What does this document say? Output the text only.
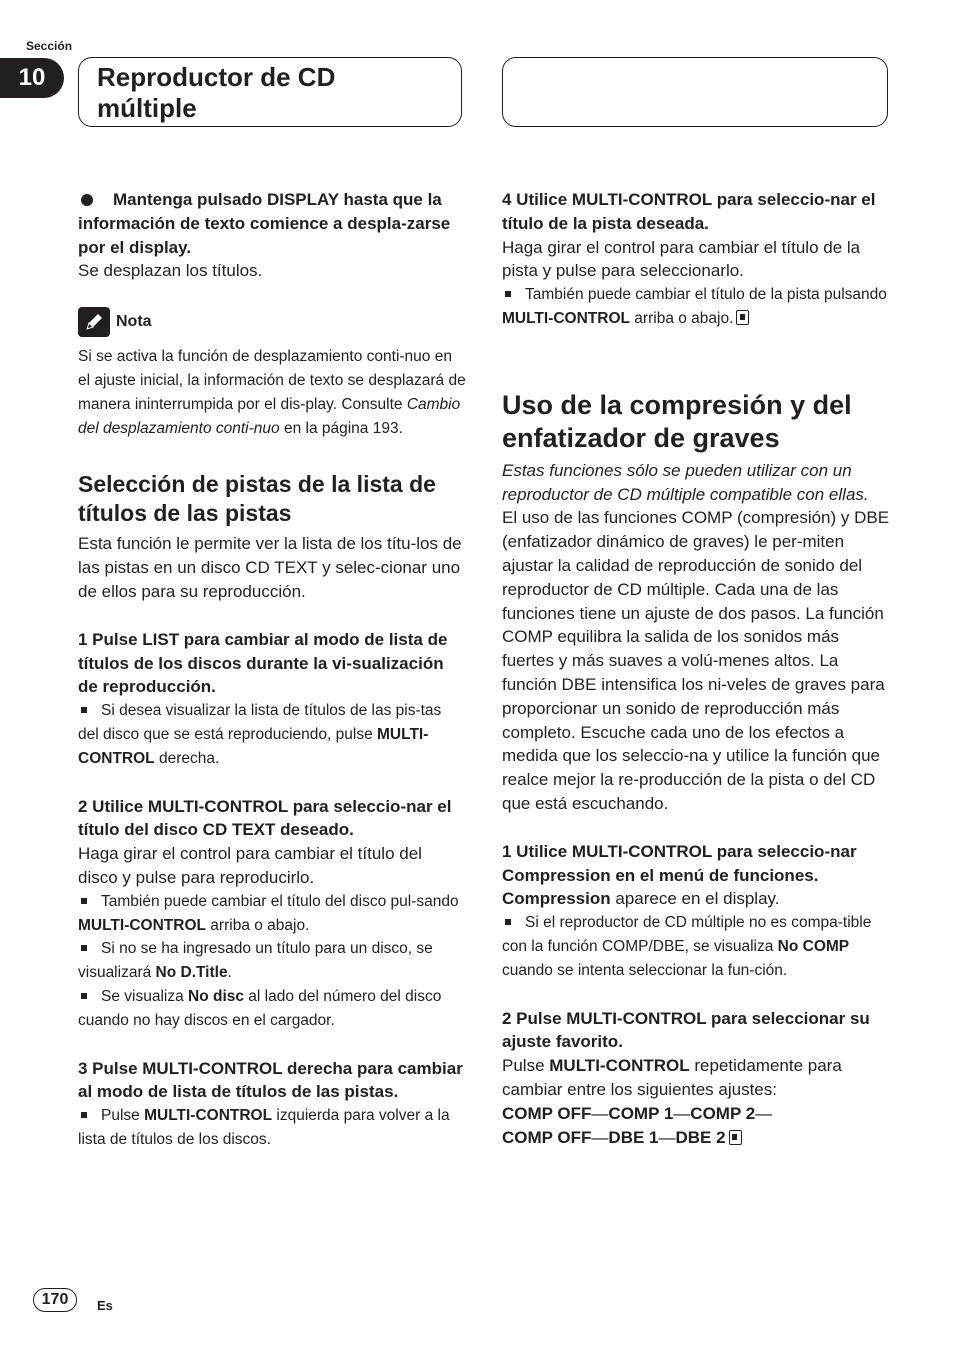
Sección
10	Reproductor de CD
múltiple

Mantenga pulsado DISPLAY hasta que la información de texto comience a despla-zarse por el display.

Se desplazan los títulos.

Nota

Si se activa la función de desplazamiento conti-nuo en el ajuste inicial, la información de texto se desplazará de manera ininterrumpida por el dis-play. Consulte Cambio del desplazamiento conti-nuo en la página 193.

Selección de pistas de la lista de títulos de las pistas

Esta función le permite ver la lista de los títu-los de las pistas en un disco CD TEXT y selec-cionar uno de ellos para su reproducción.

1 Pulse LIST para cambiar al modo de lista de títulos de los discos durante la vi-sualización de reproducción.

Si desea visualizar la lista de títulos de las pis-tas del disco que se está reproduciendo, pulse MULTI-CONTROL derecha.

2 Utilice MULTI-CONTROL para seleccio-nar el título del disco CD TEXT deseado.

Haga girar el control para cambiar el título del disco y pulse para reproducirlo.

También puede cambiar el título del disco pul-sando MULTI-CONTROL arriba o abajo.

Si no se ha ingresado un título para un disco, se visualizará No D.Title.

Se visualiza No disc al lado del número del disco cuando no hay discos en el cargador.

3 Pulse MULTI-CONTROL derecha para cambiar al modo de lista de títulos de las pistas.

Pulse MULTI-CONTROL izquierda para volver a la lista de títulos de los discos.

4 Utilice MULTI-CONTROL para seleccio-nar el título de la pista deseada.

Haga girar el control para cambiar el título de la pista y pulse para seleccionarlo.

También puede cambiar el título de la pista pulsando MULTI-CONTROL arriba o abajo.

Uso de la compresión y del enfatizador de graves

Estas funciones sólo se pueden utilizar con un reproductor de CD múltiple compatible con ellas.

El uso de las funciones COMP (compresión) y DBE (enfatizador dinámico de graves) le per-miten ajustar la calidad de reproducción de sonido del reproductor de CD múltiple. Cada una de las funciones tiene un ajuste de dos pasos. La función COMP equilibra la salida de los sonidos más fuertes y más suaves a volú-menes altos. La función DBE intensifica los ni-veles de graves para proporcionar un sonido de reproducción más completo. Escuche cada uno de los efectos a medida que los seleccio-na y utilice la función que realce mejor la re-producción de la pista o del CD que está escuchando.

1 Utilice MULTI-CONTROL para seleccio-nar Compression en el menú de funciones.

Compression aparece en el display.

Si el reproductor de CD múltiple no es compa-tible con la función COMP/DBE, se visualiza No COMP cuando se intenta seleccionar la fun-ción.

2 Pulse MULTI-CONTROL para seleccionar su ajuste favorito.

Pulse MULTI-CONTROL repetidamente para cambiar entre los siguientes ajustes:

COMP OFF—COMP 1—COMP 2—

COMP OFF—DBE 1—DBE 2

170	Es
